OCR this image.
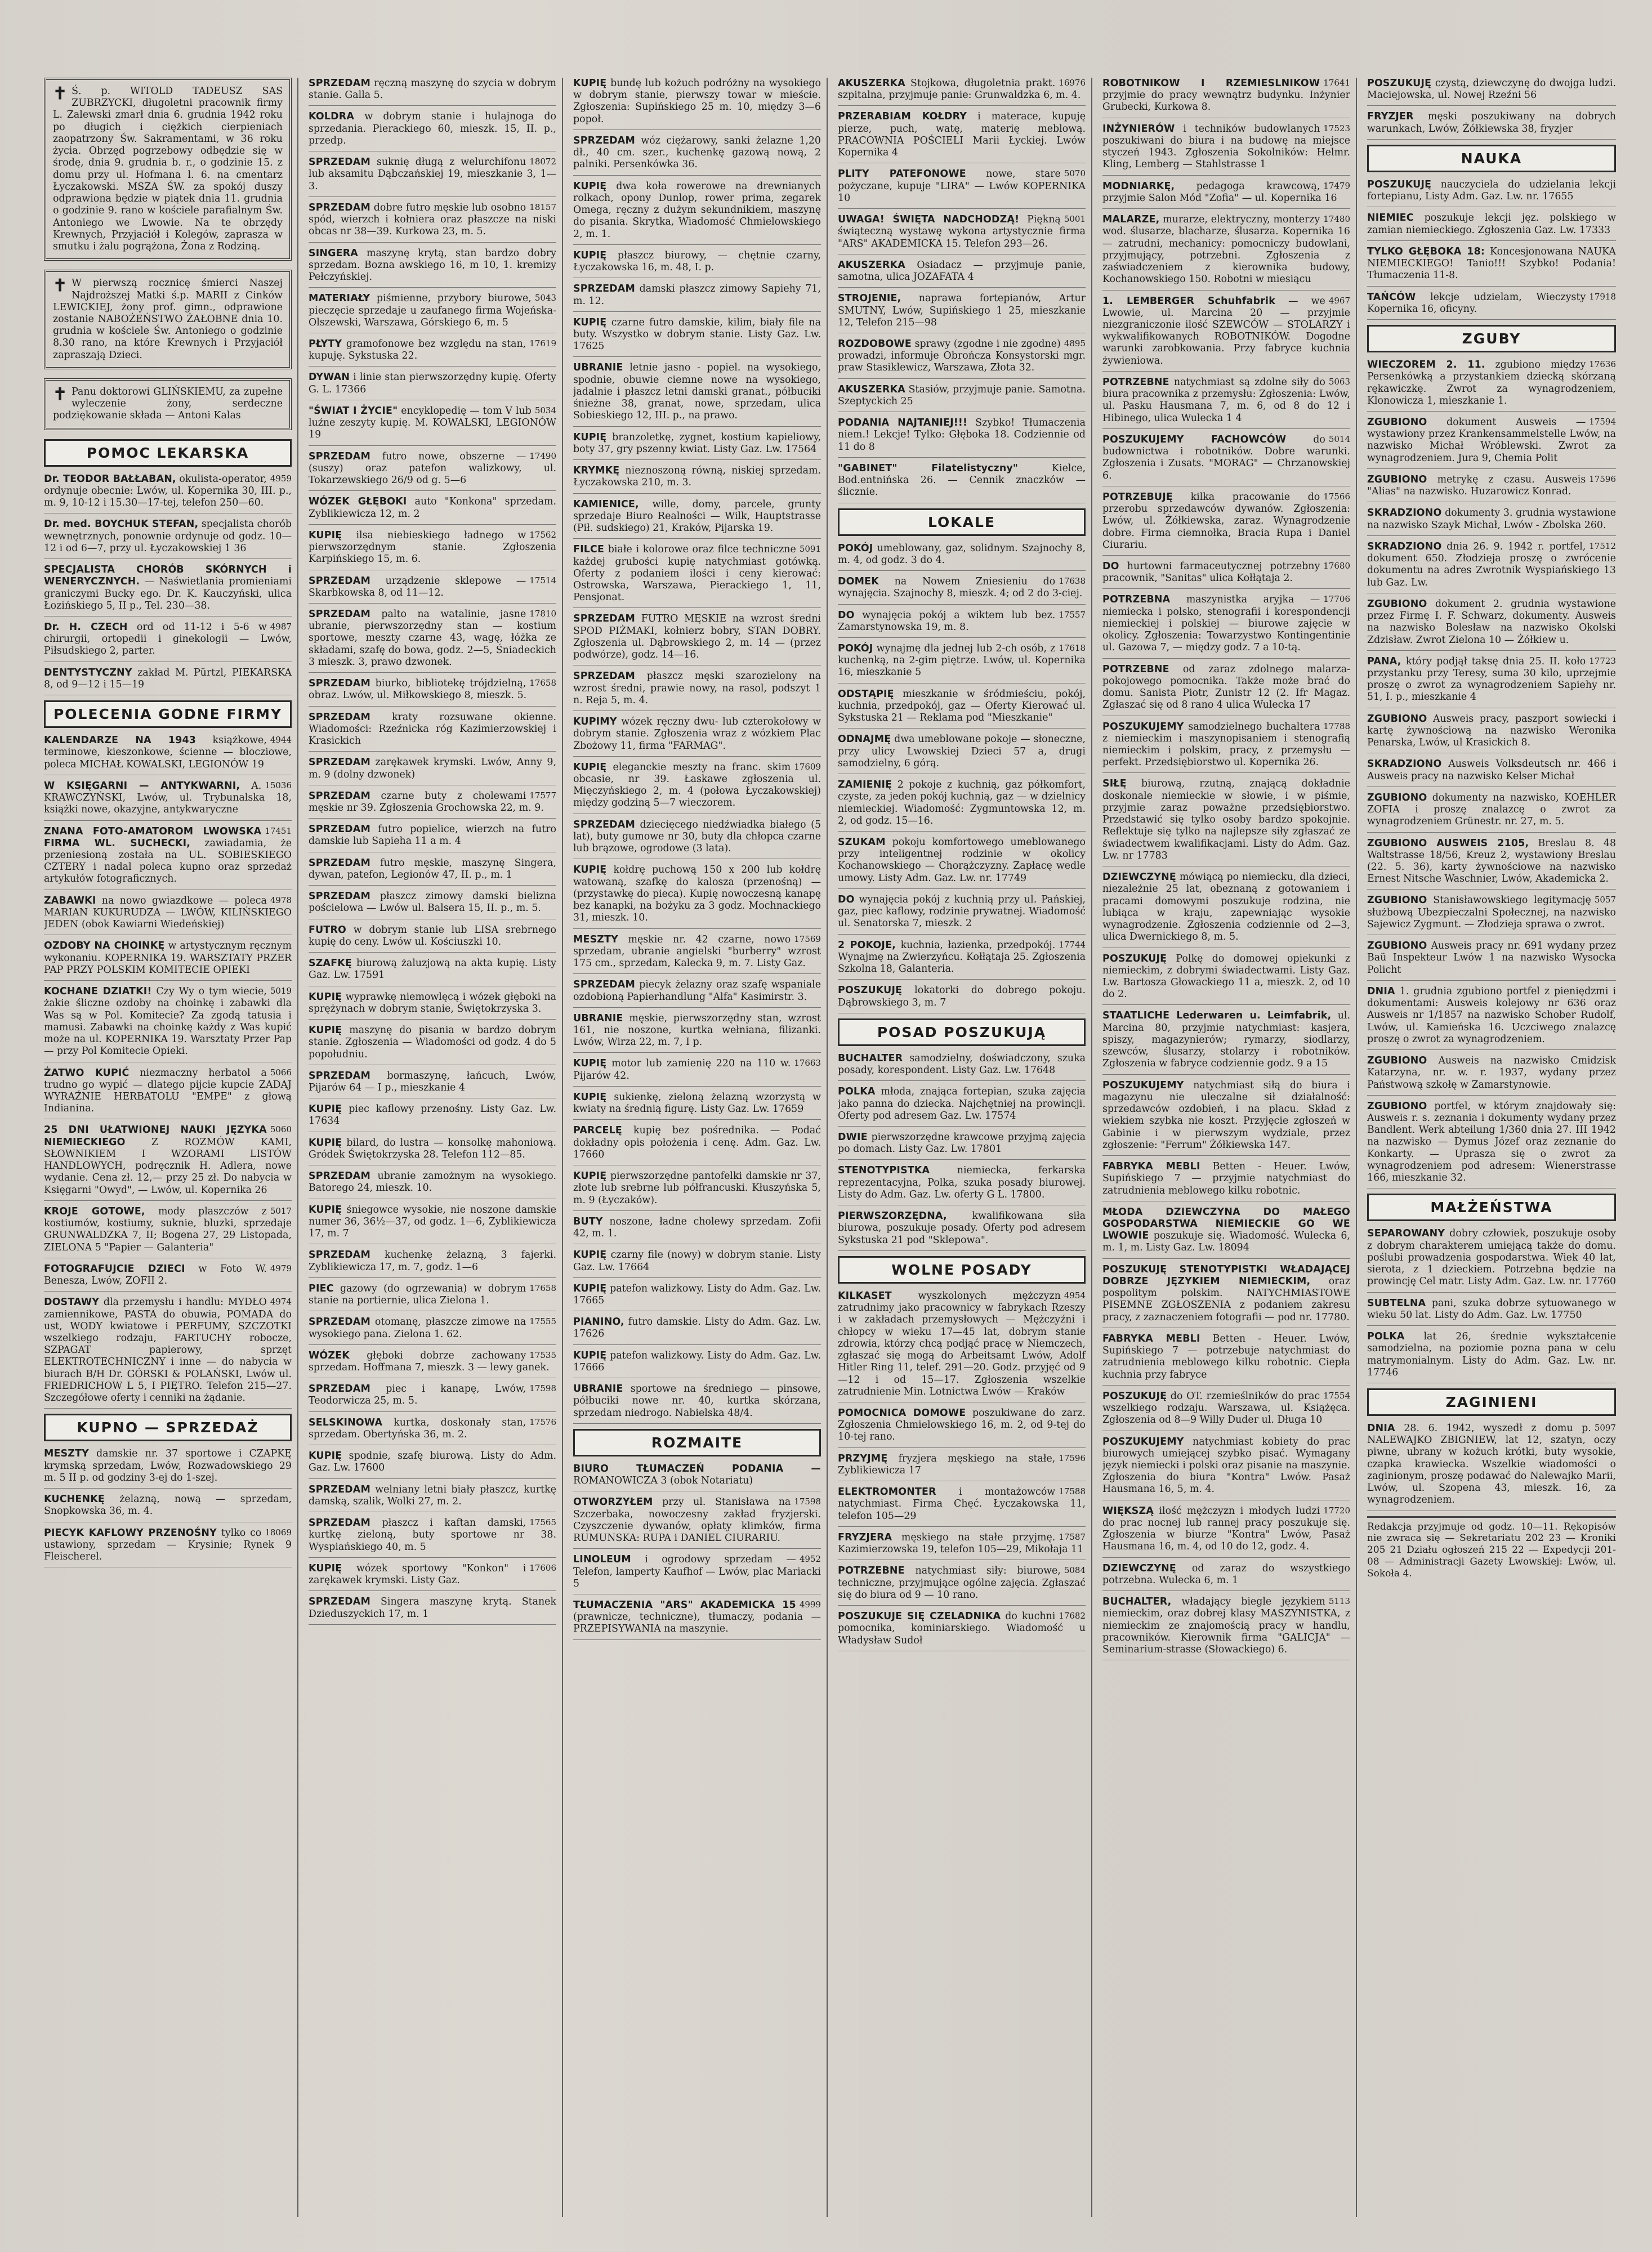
✝ Ś. p. WITOLD TADEUSZ SAS ZUBRZYCKI, długoletni pracownik firmy L. Zalewski zmarł dnia 6. grudnia 1942 roku po długich i ciężkich cierpieniach zaopatrzony Św. Sakramentami, w 36 roku życia. Obrzęd pogrzebowy odbędzie się w środę, dnia 9. grudnia b. r., o godzinie 15. z domu przy ul. Hofmana l. 6. na cmentarz Łyczakowski. MSZA ŚW. za spokój duszy odprawiona będzie w piątek dnia 11. grudnia o godzinie 9. rano w kościele parafialnym Św. Antoniego we Lwowie. Na te obrzędy Krewnych, Przyjaciół i Kolegów, zaprasza w smutku i żalu pogrążona, Żona z Rodziną.
✝ W pierwszą rocznicę śmierci Naszej Najdroższej Matki ś.p. MARII z Cinków LEWICKIEJ, żony prof. gimn., odprawione zostanie NABOŻEŃSTWO ŻAŁOBNE dnia 10. grudnia w kościele Św. Antoniego o godzinie 8.30 rano, na które Krewnych i Przyjaciół zapraszają Dzieci.
✝ Panu doktorowi GLIŃSKIEMU, za zupełne wyleczenie żony, serdeczne podziękowanie składa — Antoni Kalas
POMOC LEKARSKA
4959
Dr. TEODOR BAŁŁABAN, okulista-operator, ordynuje obecnie: Lwów, ul. Kopernika 30, III. p., m. 9, 10-12 i 15.30—17-tej, telefon 250—60.
Dr. med. BOYCHUK STEFAN, specjalista chorób wewnętrznych, ponownie ordynuje od godz. 10—12 i od 6—7, przy ul. Łyczakowskiej 1 36
SPECJALISTA CHORÓB SKÓRNYCH i WENERYCZNYCH. — Naświetlania promieniami graniczymi Bucky ego. Dr. K. Kauczyński, ulica Łozińskiego 5, II p., Tel. 230—38.
4987
Dr. H. CZECH ord od 11-12 i 5-6 w chirurgii, ortopedii i ginekologii — Lwów, Piłsudskiego 2, parter.
DENTYSTYCZNY zakład M. Pürtzl, PIEKARSKA 8, od 9—12 i 15—19
POLECENIA GODNE FIRMY
4944
KALENDARZE NA 1943 książkowe, terminowe, kieszonkowe, ścienne — blocziowe, poleca MICHAŁ KOWALSKI, LEGIONÓW 19
15036
W KSIĘGARNI — ANTYKWARNI, A. KRAWCZYŃSKI, Lwów, ul. Trybunalska 18, książki nowe, okazyjne, antykwaryczne
17451
ZNANA FOTO-AMATOROM LWOWSKA FIRMA WL. SUCHECKI, zawiadamia, że przeniesioną została na UL. SOBIESKIEGO CZTERY i nadal poleca kupno oraz sprzedaż artykułów fotograficznych.
4978
ZABAWKI na nowo gwiazdkowe — poleca MARIAN KUKURUDZA — LWÓW, KILIŃSKIEGO JEDEN (obok Kawiarni Wiedeńskiej)
OZDOBY NA CHOINKĘ w artystycznym ręcznym wykonaniu. KOPERNIKA 19. WARSZTATY PRZER PAP PRZY POLSKIM KOMITECIE OPIEKI
5019
KOCHANE DZIATKI! Czy Wy o tym wiecie, żakie śliczne ozdoby na choinkę i zabawki dla Was są w Pol. Komitecie? Za zgodą tatusia i mamusi. Zabawki na choinkę każdy z Was kupić może na ul. KOPERNIKA 19. Warsztaty Przer Pap — przy Pol Komitecie Opieki.
5066
ŻATWO KUPIĆ niezmaczny herbatol a trudno go wypić — dlatego pijcie kupcie ZADAJ WYRAŹNIE HERBATOLU "EMPE" z głową Indianina.
5060
25 DNI UŁATWIONEJ NAUKI JĘZYKA NIEMIECKIEGO	Z ROZMÓW KAMI, SŁOWNIKIEM I WZORAMI LISTÓW HANDLOWYCH, podręcznik H. Adlera, nowe wydanie. Cena zł. 12,— przy 25 zł. Do nabycia w Księgarni "Owyd", — Lwów, ul. Kopernika 26
5017
KROJE GOTOWE, mody plaszczów z kostiumów, kostiumy, suknie, bluzki, sprzedaje GRUNWALDZKA 7, II; Bogena 27, 29 Listopada, ZIELONA 5 "Papier — Galanteria"
4979
FOTOGRAFUJCIE DZIECI w Foto W. Benesza, Lwów, ZOFII 2.
4974
DOSTAWY dla przemysłu i handlu: MYDŁO zamiennikowe, PASTA do obuwia, POMADA do ust, WODY kwiatowe i PERFUMY, SZCZOTKI wszelkiego rodzaju, FARTUCHY robocze, SZPAGAT papierowy, sprzęt ELEKTROTECHNICZNY i inne — do nabycia w biurach B/H Dr. GÓRSKI & POLAŃSKI, Lwów ul. FRIEDRICHOW L 5, I PIĘTRO. Telefon 215—27. Szczegółowe oferty i cenniki na żądanie.
KUPNO — SPRZEDAŻ
MESZTY damskie nr. 37 sportowe i CZAPKĘ krymską sprzedam, Lwów, Rozwadowskiego 29 m. 5 II p. od godziny 3-ej do 1-szej.
KUCHENKĘ żelazną, nową — sprzedam, Snopkowska 36, m. 4.
18069
PIECYK KAFLOWY PRZENOŚNY tylko co ustawiony, sprzedam — Krysinie; Rynek 9 Fleischerel.
SPRZEDAM ręczną maszynę do szycia w dobrym stanie. Galla 5.
KOLDRA w dobrym stanie i hulajnoga do sprzedania. Pierackiego 60, mieszk. 15, II. p., przedp.
18072
SPRZEDAM suknię długą z welurchifonu lub aksamitu Dąbczańskiej 19, mieszkanie 3, 1—3.
18157
SPRZEDAM dobre futro męskie lub osobno spód, wierzch i kołniera oraz płaszcze na niski obcas nr 38—39. Kurkowa 23, m. 5.
SINGERA maszynę krytą, stan bardzo dobry sprzedam. Bozna awskiego 16, m 10, 1. kremizy Pełczyńskiej.
5043
MATERIAŁY piśmienne, przybory biurowe, pieczęcie sprzedaje u zaufanego firma Wojeńska-Olszewski, Warszawa, Górskiego 6, m. 5
17619
PŁYTY gramofonowe bez względu na stan, kupuję. Sykstuska 22.
DYWAN i linie stan pierwszorzędny kupię. Oferty G. L. 17366
5034
"ŚWIAT I ŻYCIE" encyklopedię — tom V lub luźne zeszyty kupię. M. KOWALSKI, LEGIONÓW 19
17490
SPRZEDAM futro nowe, obszerne — (suszy) oraz patefon walizkowy, ul. Tokarzewskiego 26/9 od g. 5—6
WÓZEK GŁĘBOKI auto "Konkona" sprzedam. Zyblikiewicza 12, m. 2
17562
KUPIĘ ilsa niebieskiego ładnego w pierwszorzędnym stanie. Zgłoszenia Karpińskiego 15, m. 6.
17514
SPRZEDAM urządzenie sklepowe — Skarbkowska 8, od 11—12.
17810
SPRZEDAM palto na watalinie, jasne ubranie, pierwszorzędny stan — kostium sportowe, meszty czarne 43, wagę, łóżka ze składami, szafę do bowa, godz. 2—5, Śniadeckich 3 mieszk. 3, prawo dzwonek.
17658
SPRZEDAM biurko, bibliotekę trójdzielną, obraz. Lwów, ul. Miłkowskiego 8, mieszk. 5.
SPRZEDAM kraty rozsuwane okienne. Wiadomości: Rzeźnicka róg Kazimierzowskiej i Krasickich
SPRZEDAM zarękawek krymski. Lwów, Anny 9, m. 9 (dolny dzwonek)
17577
SPRZEDAM czarne buty z cholewami męskie nr 39. Zgłoszenia Grochowska 22, m. 9.
SPRZEDAM futro popielice, wierzch na futro damskie lub Sapieha 11 a m. 4
SPRZEDAM futro męskie, maszynę Singera, dywan, patefon, Legionów 47, II. p., m. 1
SPRZEDAM płaszcz zimowy damski bielizna pościelowa — Lwów ul. Balsera 15, II. p., m. 5.
FUTRO w dobrym stanie lub LISA srebrnego kupię do ceny. Lwów ul. Kościuszki 10.
SZAFKĘ biurową żaluzjową na akta kupię. Listy Gaz. Lw. 17591
KUPIĘ wyprawkę niemowlęcą i wózek głęboki na sprężynach w dobrym stanie, Świętokrzyska 3.
KUPIĘ maszynę do pisania w bardzo dobrym stanie. Zgłoszenia — Wiadomości od godz. 4 do 5 popołudniu.
SPRZEDAM bormaszynę, łańcuch, Lwów, Pijarów 64 — I p., mieszkanie 4
KUPIĘ piec kaflowy przenośny. Listy Gaz. Lw. 17634
KUPIĘ bilard, do lustra — konsolkę mahoniową. Gródek Świętokrzyska 28. Telefon 112—85.
SPRZEDAM ubranie zamożnym na wysokiego. Batorego 24, mieszk. 10.
KUPIĘ śniegowce wysokie, nie noszone damskie numer 36, 36½—37, od godz. 1—6, Zyblikiewicza 17, m. 7
SPRZEDAM kuchenkę żelazną, 3 fajerki. Zyblikiewicza 17, m. 7, godz. 1—6
17658
PIEC gazowy (do ogrzewania) w dobrym stanie na portiernie, ulica Zielona 1.
17555
SPRZEDAM otomanę, płaszcze zimowe na wysokiego pana. Zielona 1. 62.
17535
WÓZEK głęboki dobrze zachowany sprzedam. Hoffmana 7, mieszk. 3 — lewy ganek.
17598
SPRZEDAM piec i kanapę, Lwów, Teodorwicza 25, m. 5.
17576
SELSKINOWA kurtka, doskonały stan, sprzedam. Obertyńska 36, m. 2.
KUPIĘ spodnie, szafę biurową. Listy do Adm. Gaz. Lw. 17600
SPRZEDAM welniany letni biały płaszcz, kurtkę damską, szalik, Wolki 27, m. 2.
17565
SPRZEDAM płaszcz i kaftan damski, kurtkę zieloną, buty sportowe nr 38. Wyspiańskiego 40, m. 5
17606
KUPIĘ wózek sportowy "Konkon" i zarękawek krymski. Listy Gaz.
SPRZEDAM Singera maszynę krytą. Stanek Dzieduszyckich 17, m. 1
KUPIĘ bundę lub kożuch podróżny na wysokiego w dobrym stanie, pierwszy towar w mieście. Zgłoszenia: Supińskiego 25 m. 10, między 3—6 popoł.
SPRZEDAM wóz ciężarowy, sanki żelazne 1,20 dł., 40 cm. szer., kuchenkę gazową nową, 2 palniki. Persenkówka 36.
KUPIĘ dwa koła rowerowe na drewnianych rolkach, opony Dunlop, rower prima, zegarek Omega, ręczny z dużym sekundnikiem, maszynę do pisania. Skrytka, Wiadomość Chmielowskiego 2, m. 1.
KUPIĘ płaszcz biurowy, — chętnie czarny, Łyczakowska 16, m. 48, I. p.
SPRZEDAM damski płaszcz zimowy Sapiehy 71, m. 12.
KUPIĘ czarne futro damskie, kilim, biały file na buty. Wszystko w dobrym stanie. Listy Gaz. Lw. 17625
UBRANIE letnie jasno - popiel. na wysokiego, spodnie, obuwie ciemne nowe na wysokiego, jadalnie i płaszcz letni damski granat., półbuciki śnieżne 38, granat, nowe, sprzedam, ulica Sobieskiego 12, III. p., na prawo.
KUPIĘ branzoletkę, zygnet, kostium kapieliowy, boty 37, gry pszenny kwiat. Listy Gaz. Lw. 17564
KRYMKĘ nieznoszoną równą, niskiej sprzedam. Łyczakowska 210, m. 3.
KAMIENICE, wille, domy, parcele, grunty sprzedaje Biuro Realności — Wilk, Hauptstrasse (Pił. sudskiego) 21, Kraków, Pijarska 19.
5091
FILCE białe i kolorowe oraz filce techniczne każdej grubości kupię natychmiast gotówką. Oferty z podaniem ilości i ceny kierować: Ostrowska, Warszawa, Pierackiego 1, 11, Pensjonat.
SPRZEDAM FUTRO MĘSKIE na wzrost średni SPOD PIŻMAKI, kołnierz bobry, STAN DOBRY. Zgłoszenia ul. Dąbrowskiego 2, m. 14 — (przez podwórze), godz. 14—16.
SPRZEDAM płaszcz męski szarozielony na wzrost średni, prawie nowy, na rasol, podszyt 1 n. Reja 5, m. 4.
KUPIMY wózek ręczny dwu- lub czterokołowy w dobrym stanie. Zgłoszenia wraz z wózkiem Plac Zbożowy 11, firma "FARMAG".
17609
KUPIĘ eleganckie meszty na franc. skim obcasie, nr 39. Łaskawe zgłoszenia ul. Mięczyńskiego 2, m. 4 (połowa Łyczakowskiej) między godziną 5—7 wieczorem.
SPRZEDAM dziecięcego niedźwiadka białego (5 lat), buty gumowe nr 30, buty dla chłopca czarne lub brązowe, ogrodowe (3 lata).
KUPIĘ kołdrę puchową 150 x 200 lub kołdrę watowaną, szafkę do kalosza (przenośną) — (przystawkę do pieca). Kupię nowoczesną kanapę bez kanapki, na bożyku za 3 godz. Mochnackiego 31, mieszk. 10.
17569
MESZTY męskie nr. 42 czarne, nowo sprzedam, ubranie angielski "burberry" wzrost 175 cm., sprzedam, Kalecka 9, m. 7. Listy Gaz.
SPRZEDAM piecyk żelazny oraz szafę wspaniale ozdobioną Papierhandlung "Alfa" Kasimirstr. 3.
UBRANIE męskie, pierwszorzędny stan, wzrost 161, nie noszone, kurtka wełniana, filizanki. Lwów, Wirza 22, m. 7, I p.
17663
KUPIĘ motor lub zamienię 220 na 110 w. Pijarów 42.
KUPIĘ sukienkę, zieloną żelazną wzorzystą w kwiaty na średnią figurę. Listy Gaz. Lw. 17659
PARCELĘ kupię bez pośrednika. — Podać dokładny opis położenia i cenę. Adm. Gaz. Lw. 17660
KUPIĘ pierwszorzędne pantofelki damskie nr 37, złote lub srebrne lub półfrancuski. Kłuszyńska 5, m. 9 (Łyczaków).
BUTY noszone, ładne cholewy sprzedam. Zofii 42, m. 1.
KUPIĘ czarny file (nowy) w dobrym stanie. Listy Gaz. Lw. 17664
KUPIĘ patefon walizkowy. Listy do Adm. Gaz. Lw. 17665
PIANINO, futro damskie. Listy do Adm. Gaz. Lw. 17626
KUPIĘ patefon walizkowy. Listy do Adm. Gaz. Lw. 17666
UBRANIE sportowe na średniego — pinsowe, półbuciki nowe nr. 40, kurtka skórzana, sprzedam niedrogo. Nabielska 48/4.
ROZMAITE
BIURO TŁUMACZEŃ PODANIA — ROMANOWICZA 3 (obok Notariatu)
17598
OTWORZYŁEM przy ul. Stanisława na Szczerbaka, nowoczesny zakład fryzjerski. Czyszczenie dywanów, opłaty klimków, firma RUMUNSKA: RUPA i DANIEL CIURARIU.
4952
LINOLEUM i ogrodowy sprzedam — Telefon, lamperty Kaufhof — Lwów, plac Mariacki 5
4999
TŁUMACZENIA "ARS" AKADEMICKA 15 (prawnicze, techniczne), tłumaczy, podania — PRZEPISYWANIA na maszynie.
16976
AKUSZERKA Stojkowa, długoletnia prakt. szpitalna, przyjmuje panie: Grunwaldzka 6, m. 4.
PRZERABIAM KOŁDRY i materace, kupuję pierze, puch, watę, materię meblową. PRACOWNIA POŚCIELI Marii Łyckiej. Lwów Kopernika 4
5070
PLITY PATEFONOWE nowe, stare pożyczane, kupuje "LIRA" — Lwów KOPERNIKA 10
5001
UWAGA! ŚWIĘTA NADCHODZĄ! Piękną świąteczną wystawę wykona artystycznie firma "ARS" AKADEMICKA 15. Telefon 293—26.
AKUSZERKA Osiadacz — przyjmuje panie, samotna, ulica JOZAFATA 4
STROJENIE, naprawa fortepianów, Artur SMUTNY, Lwów, Supińskiego 1 25, mieszkanie 12, Telefon 215—98
4895
ROZDOBOWE sprawy (zgodne i nie zgodne) prowadzi, informuje Obrończa Konsystorski mgr. praw Stasiklewicz, Warszawa, Złota 32.
AKUSZERKA Stasiów, przyjmuje panie. Samotna. Szeptyckich 25
PODANIA NAJTANIEJ!!! Szybko! Tłumaczenia niem.! Lekcje! Tylko: Głęboka 18. Codziennie od 11 do 8
"GABINET" Filatelistyczny"	Kielce, Bod.entnińska 26. — Cennik znaczków — ślicznie.
LOKALE
POKÓJ umeblowany, gaz, solidnym. Szajnochy 8, m. 4, od godz. 3 do 4.
17638
DOMEK na Nowem Zniesieniu do wynajęcia. Szajnochy 8, mieszk. 4; od 2 do 3-ciej.
17557
DO wynajęcia pokój a wiktem lub bez. Zamarstynowska 19, m. 8.
17618
POKÓJ wynajmę dla jednej lub 2-ch osób, z kuchenką, na 2-gim piętrze. Lwów, ul. Kopernika 16, mieszkanie 5
ODSTĄPIĘ mieszkanie w śródmieściu, pokój, kuchnia, przedpokój, gaz — Oferty Kierować ul. Sykstuska 21 — Reklama pod "Mieszkanie"
ODNAJMĘ dwa umeblowane pokoje — słoneczne, przy ulicy Lwowskiej Dzieci 57 a, drugi samodzielny, 6 górą.
ZAMIENIĘ 2 pokoje z kuchnią, gaz półkomfort, czyste, za jeden pokój kuchnią, gaz — w dzielnicy niemieckiej. Wiadomość: Zygmuntowska 12, m. 2, od godz. 15—16.
SZUKAM pokoju komfortowego umeblowanego przy inteligentnej rodzinie w okolicy Kochanowskiego — Chorążczyzny. Zapłacę wedle umowy. Listy Adm. Gaz. Lw. nr. 17749
DO wynajęcia pokój z kuchnią przy ul. Pańskiej, gaz, piec kaflowy, rodzinie prywatnej. Wiadomość ul. Senatorska 7, mieszk. 2
17744
2 POKOJE, kuchnia, łazienka, przedpokój. Wynajmę na Zwierzyńcu. Kołłątaja 25. Zgłoszenia Szkolna 18, Galanteria.
POSZUKUJĘ lokatorki do dobrego pokoju. Dąbrowskiego 3, m. 7
POSAD POSZUKUJĄ
BUCHALTER samodzielny, doświadczony, szuka posady, korespondent. Listy Gaz. Lw. 17648
POLKA młoda, znająca fortepian, szuka zajęcia jako panna do dziecka. Najchętniej na prowincji. Oferty pod adresem Gaz. Lw. 17574
DWIE pierwszorzędne krawcowe przyjmą zajęcia po domach. Listy Gaz. Lw. 17801
STENOTYPISTKA	niemiecka, ferkarska reprezentacyjna, Polka, szuka posady biurowej. Listy do Adm. Gaz. Lw. oferty G L. 17800.
PIERWSZORZĘDNA,	kwalifikowana siła biurowa, poszukuje posady. Oferty pod adresem Sykstuska 21 pod "Sklepowa".
WOLNE POSADY
4954
KILKASET	wyszkolonych mężczyzn zatrudnimy jako pracownicy w fabrykach Rzeszy i w zakładach przemysłowych — Mężczyźni i chłopcy w wieku 17—45 lat, dobrym stanie zdrowia, którzy chcą podjąć pracę w Niemczech, zgłaszać się mogą do Arbeitsamt Lwów, Adolf Hitler Ring 11, telef. 291—20. Godz. przyjęć od 9—12 i od 15—17. Zgłoszenia wszelkie zatrudnienie Min. Lotnictwa Lwów — Kraków
POMOCNICA DOMOWE poszukiwane do zarz. Zgłoszenia Chmielowskiego 16, m. 2, od 9-tej do 10-tej rano.
17596
PRZYJMĘ fryzjera męskiego na stałe, Zyblikiewicza 17
17588
ELEKTROMONTER i montażowców natychmiast. Firma Chęć. Łyczakowska 11, telefon 105—29
17587
FRYZJERA męskiego na stałe przyjmę. Kazimierzowska 19, telefon 105—29, Mikołaja 11
5084
POTRZEBNE natychmiast siły: biurowe, techniczne, przyjmujące ogólne zajęcia. Zgłaszać się do biura od 9 — 10 rano.
17682
POSZUKUJE SIĘ CZELADNIKA do kuchni pomocnika, kominiarskiego. Wiadomość u Władysław Sudoł
17641
ROBOTNIKÓW I RZEMIEŚLNIKÓW przyjmie do pracy wewnątrz budynku. Inżynier Grubecki, Kurkowa 8.
17523
INŻYNIERÓW i techników budowlanych poszukiwani do biura i na budowę na miejsce styczeń 1943. Zgłoszenia Sokolników: Helmr. Kling, Lemberg — Stahlstrasse 1
17479
MODNIARKĘ, pedagoga krawcową, przyjmie Salon Mód "Zofia" — ul. Kopernika 16
17480
MALARZE, murarze, elektryczny, monterzy wod. ślusarze, blacharze, ślusarza. Kopernika 16 — zatrudni, mechanicy: pomocniczy budowlani, przyjmujący, potrzebni. Zgłoszenia z zaświadczeniem z kierownika budowy, Kochanowskiego 150. Robotni w miesiącu
4967
1. LEMBERGER Schuhfabrik — we Lwowie, ul. Marcina 20 — przyjmie niezgraniczonie ilość SZEWCÓW — STOLARZY i wykwalifikowanych ROBOTNIKÓW. Dogodne warunki zarobkowania. Przy fabryce kuchnia żywieniowa.
5063
POTRZEBNE natychmiast są zdolne siły do biura pracownika z przemysłu: Zgłoszenia: Lwów, ul. Pasku Hausmana 7, m. 6, od 8 do 12 i Hibinego, ulica Wulecka 1 4
5014
POSZUKUJEMY FACHOWCÓW	do budownictwa i robotników. Dobre warunki. Zgłoszenia i Zusats. "MORAG" — Chrzanowskiej 6.
17566
POTRZEBUJĘ kilka pracowanie do przerobu sprzedawców dywanów. Zgłoszenia: Lwów, ul. Żółkiewska, zaraz. Wynagrodzenie dobre. Firma ciemnołka, Bracia Rupa i Daniel Ciurariu.
17680
DO hurtowni farmaceutycznej potrzebny pracownik, "Sanitas" ulica Kołłątaja 2.
17706
POTRZEBNA maszynistka aryjka — niemiecka i polsko, stenografii i korespondencji niemieckiej i polskiej — biurowe zajęcie w okolicy. Zgłoszenia: Towarzystwo Kontingentinie ul. Gazowa 7, — między godz. 7 a 10-tą.
POTRZEBNE od zaraz zdolnego malarza-pokojowego pomocnika. Także może brać do domu. Sanista Piotr, Zunistr 12 (2. Ifr Magaz. Zgłaszać się od 8 rano 4 ulica Wulecka 17
17788
POSZUKUJEMY samodzielnego buchaltera z niemieckim i maszynopisaniem i stenografią niemieckim i polskim, pracy, z przemysłu — perfekt. Przedsiębiorstwo ul. Kopernika 26.
SIŁĘ biurową, rzutną, znającą dokładnie doskonale niemieckie w słowie, i w piśmie, przyjmie zaraz poważne przedsiębiorstwo. Przedstawić się tylko osoby bardzo spokojnie. Reflektuje się tylko na najlepsze siły zgłaszać ze świadectwem kwalifikacjami. Listy do Adm. Gaz. Lw. nr 17783
DZIEWCZYNĘ mówiącą po niemiecku, dla dzieci, niezależnie 25 lat, obeznaną z gotowaniem i pracami domowymi poszukuje rodzina, nie lubiąca w kraju, zapewniając wysokie wynagrodzenie. Zgłoszenia codziennie od 2—3, ulica Dwernickiego 8, m. 5.
POSZUKUJĘ Polkę do domowej opiekunki z niemieckim, z dobrymi świadectwami. Listy Gaz. Lw. Bartosza Głowackiego 11 a, mieszk. 2, od 10 do 2.
STAATLICHE Lederwaren u. Leimfabrik, ul. Marcina 80, przyjmie natychmiast: kasjera, spiszy, magazynierów; rymarzy, siodlarzy, szewców, ślusarzy, stolarzy i robotników. Zgłoszenia w fabryce codziennie godz. 9 a 15
POSZUKUJEMY natychmiast siłą do biura i magazynu nie uleczalne sił działalność: sprzedawców ozdobień, i na placu. Skład z wiekiem szybka nie koszt. Przyjęcie zgłoszeń w Gabinie i w pierwszym wydziale, przez zgłoszenie: "Ferrum" Żółkiewska 147.
FABRYKA MEBLI Betten - Heuer. Lwów, Supińskiego 7 — przyjmie natychmiast do zatrudnienia meblowego kilku robotnic.
MŁODA DZIEWCZYNA DO MAŁEGO GOSPODARSTWA NIEMIECKIE GO WE LWOWIE poszukuje się. Wiadomość. Wulecka 6, m. 1, m. Listy Gaz. Lw. 18094
POSZUKUJĘ STENOTYPISTKI WŁADAJĄCEJ DOBRZE JĘZYKIEM NIEMIECKIM, oraz pospolitym polskim. NATYCHMIASTOWE PISEMNE ZGŁOSZENIA z podaniem zakresu pracy, z zaznaczeniem fotografii — pod nr. 17780.
FABRYKA MEBLI Betten - Heuer. Lwów, Supińskiego 7 — potrzebuje natychmiast do zatrudnienia meblowego kilku robotnic. Ciepła kuchnia przy fabryce
17554
POSZUKUJĘ do OT. rzemieślników do prac wszelkiego rodzaju. Warszawa, ul. Książęca. Zgłoszenia od 8—9 Willy Duder ul. Długa 10
POSZUKUJEMY natychmiast kobiety do prac biurowych umiejącej szybko pisać. Wymagany język niemiecki i polski oraz pisanie na maszynie. Zgłoszenia do biura "Kontra" Lwów. Pasaż Hausmana 16, 5, m. 4.
17720
WIĘKSZĄ ilość mężczyzn i młodych ludzi do prac nocnej lub rannej pracy poszukuje się. Zgłoszenia w biurze "Kontra" Lwów, Pasaż Hausmana 16, m. 4, od 10 do 12, godz. 4.
DZIEWCZYNĘ od zaraz do wszystkiego potrzebna. Wulecka 6, m. 1
5113
BUCHALTER, władający biegle językiem niemieckim, oraz dobrej klasy MASZYNISTKA, z niemieckim ze znajomością pracy w handlu, pracowników. Kierownik firma "GALICJA" — Seminarium-strasse (Słowackiego) 6.
POSZUKUJĘ czystą, dziewczynę do dwojga ludzi. Maciejowska, ul. Nowej Rzeźni 56
FRYZJER męski poszukiwany na dobrych warunkach, Lwów, Żółkiewska 38, fryzjer
NAUKA
POSZUKUJĘ nauczyciela do udzielania lekcji fortepianu, Listy Adm. Gaz. Lw. nr. 17655
NIEMIEC poszukuje lekcji jęz. polskiego w zamian niemieckiego. Zgłoszenia Gaz. Lw. 17333
TYLKO GŁĘBOKA 18: Koncesjonowana NAUKA NIEMIECKIEGO! Tanio!!! Szybko! Podania! Tłumaczenia 11-8.
17918
TAŃCÓW lekcje udzielam, Wieczysty Kopernika 16, oficyny.
ZGUBY
17636
WIECZOREM 2. 11. zgubiono między Persenkówką a przystankiem dziecką skórzaną rękawiczkę. Zwrot za wynagrodzeniem, Klonowicza 1, mieszkanie 1.
17594
ZGUBIONO dokument Ausweis — wystawiony przez Krankensammelstelle Lwów, na nazwisko Michał Wróblewski. Zwrot za wynagrodzeniem. Jura 9, Chemia Polit
17596
ZGUBIONO metrykę z czasu. Ausweis "Alias" na nazwisko. Huzarowicz Konrad.
SKRADZIONO dokumenty 3. grudnia wystawione na nazwisko Szayk Michał, Lwów - Zbolska 260.
17512
SKRADZIONO dnia 26. 9. 1942 r. portfel, dokument 650. Złodzieja proszę o zwrócenie dokumentu na adres Zwrotnik Wyspiańskiego 13 lub Gaz. Lw.
ZGUBIONO dokument 2. grudnia wystawione przez Firmę I. F. Schwarz, dokumenty. Ausweis na nazwisko Bolesław na nazwisko Okolski Zdzisław. Zwrot Zielona 10 — Żółkiew u.
17723
PANA, który podjął taksę dnia 25. II. koło przystanku przy Teresy, suma 30 kilo, uprzejmie proszę o zwrot za wynagrodzeniem Sapiehy nr. 51, I. p., mieszkanie 4
ZGUBIONO Ausweis pracy, paszport sowiecki i kartę żywnościową na nazwisko Weronika Penarska, Lwów, ul Krasickich 8.
SKRADZIONO Ausweis Volksdeutsch nr. 466 i Ausweis pracy na nazwisko Kelser Michał
ZGUBIONO dokumenty na nazwisko, KOEHLER ZOFIA i proszę znalazcę o zwrot za wynagrodzeniem Grünestr. nr. 27, m. 5.
ZGUBIONO AUSWEIS 2105, Breslau 8. 48 Waltstrasse 18/56, Kreuz 2, wystawiony Breslau (22. 5. 36), karty żywnościowe na nazwisko Ernest Nitsche Waschnier, Lwów, Akademicka 2.
5057
ZGUBIONO Stanisławowskiego legitymację służbową Ubezpieczalni Społecznej, na nazwisko Sajewicz Zygmunt. — Złodzieja sprawa o zwrot.
ZGUBIONO Ausweis pracy nr. 691 wydany przez Baü Inspekteur Lwów 1 na nazwisko Wysocka Policht
DNIA 1. grudnia zgubiono portfel z pieniędzmi i dokumentami: Ausweis kolejowy nr 636 oraz Ausweis nr 1/1857 na nazwisko Schober Rudolf, Lwów, ul. Kamieńska 16. Uczciwego znalazcę proszę o zwrot za wynagrodzeniem.
ZGUBIONO Ausweis na nazwisko Cmidzisk Katarzyna, nr. w. r. 1937, wydany przez Państwową szkołę w Zamarstynowie.
ZGUBIONO portfel, w którym znajdowały się: Ausweis r. s. zeznania i dokumenty wydany przez Bandlent. Werk abteilung 1/360 dnia 27. III 1942 na nazwisko — Dymus Józef oraz zeznanie do Konkarty. — Uprasza się o zwrot za wynagrodzeniem pod adresem: Wienerstrasse 166, mieszkanie 32.
MAŁŻEŃSTWA
SEPAROWANY dobry człowiek, poszukuje osoby z dobrym charakterem umiejącą także do domu. poślubi prowadzenia gospodarstwa. Wiek 40 lat, sierota, z 1 dzieckiem. Potrzebna będzie na prowincję Cel matr. Listy Adm. Gaz. Lw. nr. 17760
SUBTELNA pani, szuka dobrze sytuowanego w wieku 50 lat. Listy do Adm. Gaz. Lw. 17750
POLKA lat 26, średnie wykształcenie samodzielna, na poziomie pozna pana w celu matrymonialnym. Listy do Adm. Gaz. Lw. nr. 17746
ZAGINIENI
5097
DNIA 28. 6. 1942, wyszedł z domu p. NALEWAJKO ZBIGNIEW, lat 12, szatyn, oczy piwne, ubrany w kożuch krótki, buty wysokie, czapka krawiecka. Wszelkie wiadomości o zaginionym, proszę podawać do Nalewajko Marii, Lwów, ul. Szopena 43, mieszk. 16, za wynagrodzeniem.
Redakcja przyjmuje od godz. 10—11. Rękopisów nie zwraca się — Sekretariatu 202 23 — Kroniki 205 21 Działu ogłoszeń 215 22 — Expedycji 201-08 — Administracji Gazety Lwowskiej: Lwów, ul. Sokoła 4.
